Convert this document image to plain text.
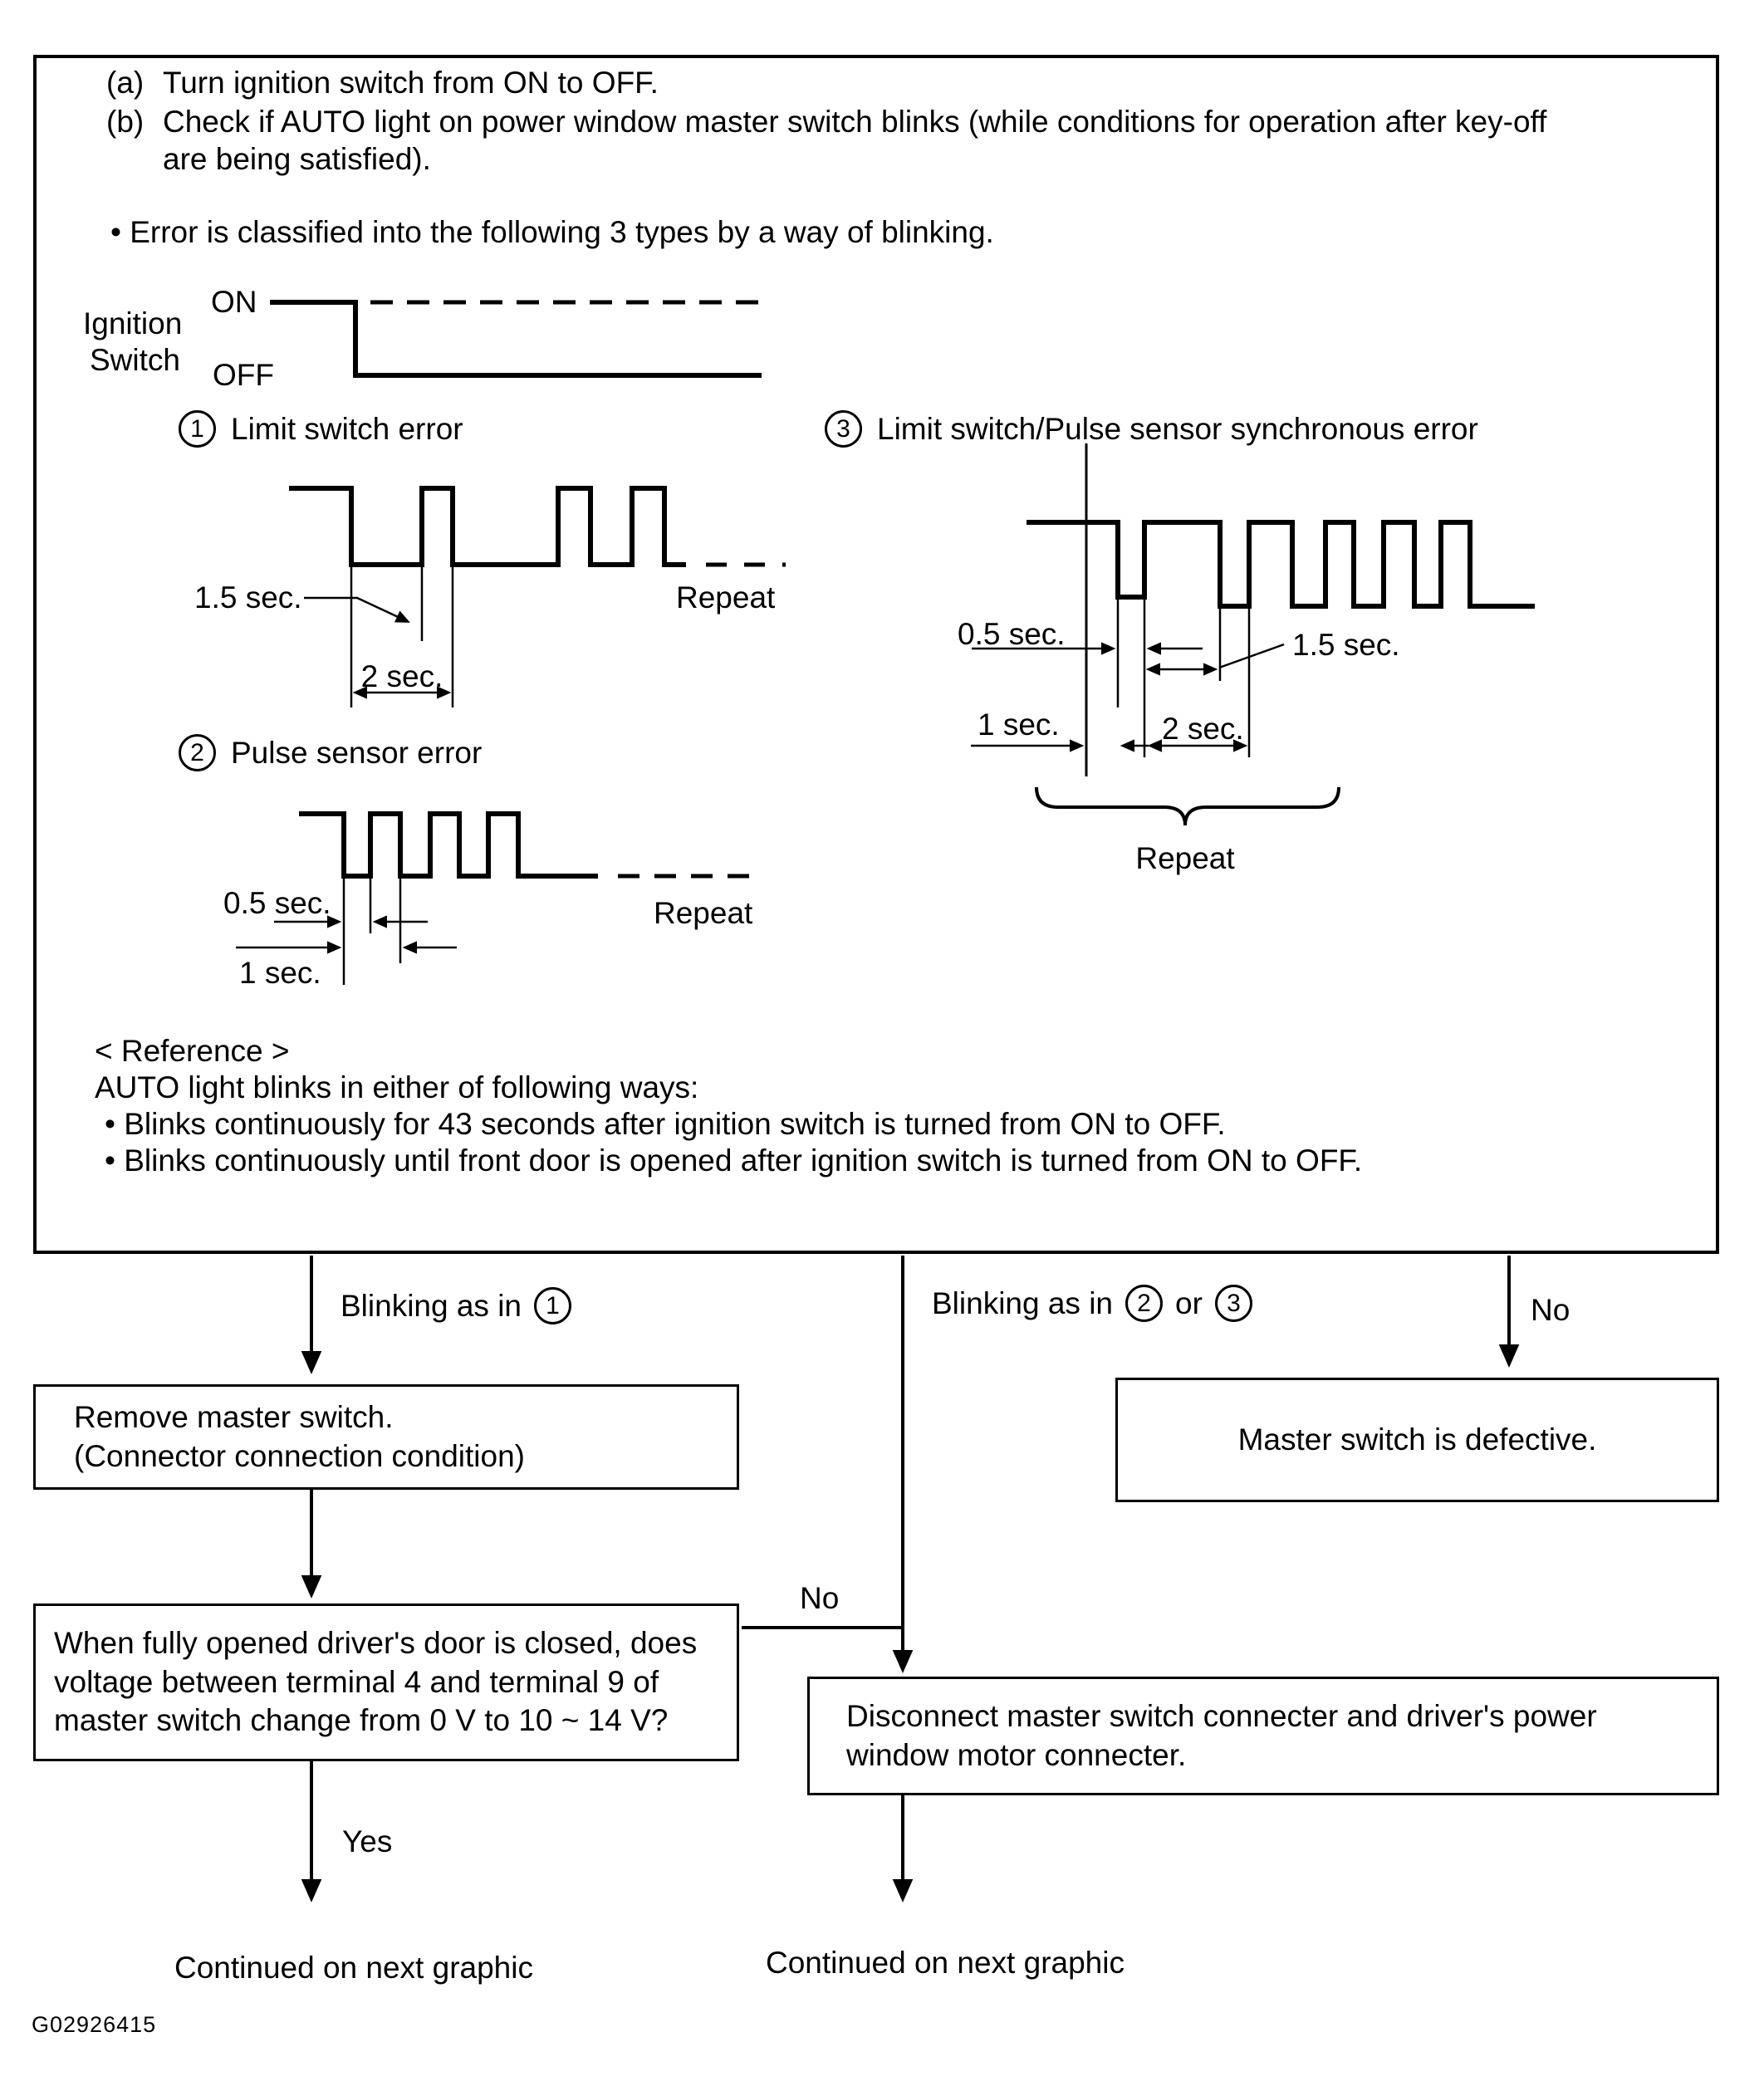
(a) Turn ignition switch from ON to OFF.
(b) Check if AUTO light on power window master switch blinks (while conditions for operation after key-off
are being satisfied).
• Error is classified into the following 3 types by a way of blinking.
Ignition
Switch
ON
OFF
1 Limit switch error
1.5 sec.
2 sec.
Repeat
2 Pulse sensor error
0.5 sec.
1 sec.
Repeat
3 Limit switch/Pulse sensor synchronous error
0.5 sec.	1.5 sec.
1 sec.	2 sec.
Repeat
< Reference >
AUTO light blinks in either of following ways:
• Blinks continuously for 43 seconds after ignition switch is turned from ON to OFF.
• Blinks continuously until front door is opened after ignition switch is turned from ON to OFF.
Blinking as in 1	Blinking as in 2 or 3	No
Remove master switch.
(Connector connection condition)	Master switch is defective.
When fully opened driver's door is closed, does
voltage between terminal 4 and terminal 9 of
master switch change from 0 V to 10 ~ 14 V?
No
Disconnect master switch connecter and driver's power
window motor connecter.
Yes
Continued on next graphic	Continued on next graphic
G02926415
